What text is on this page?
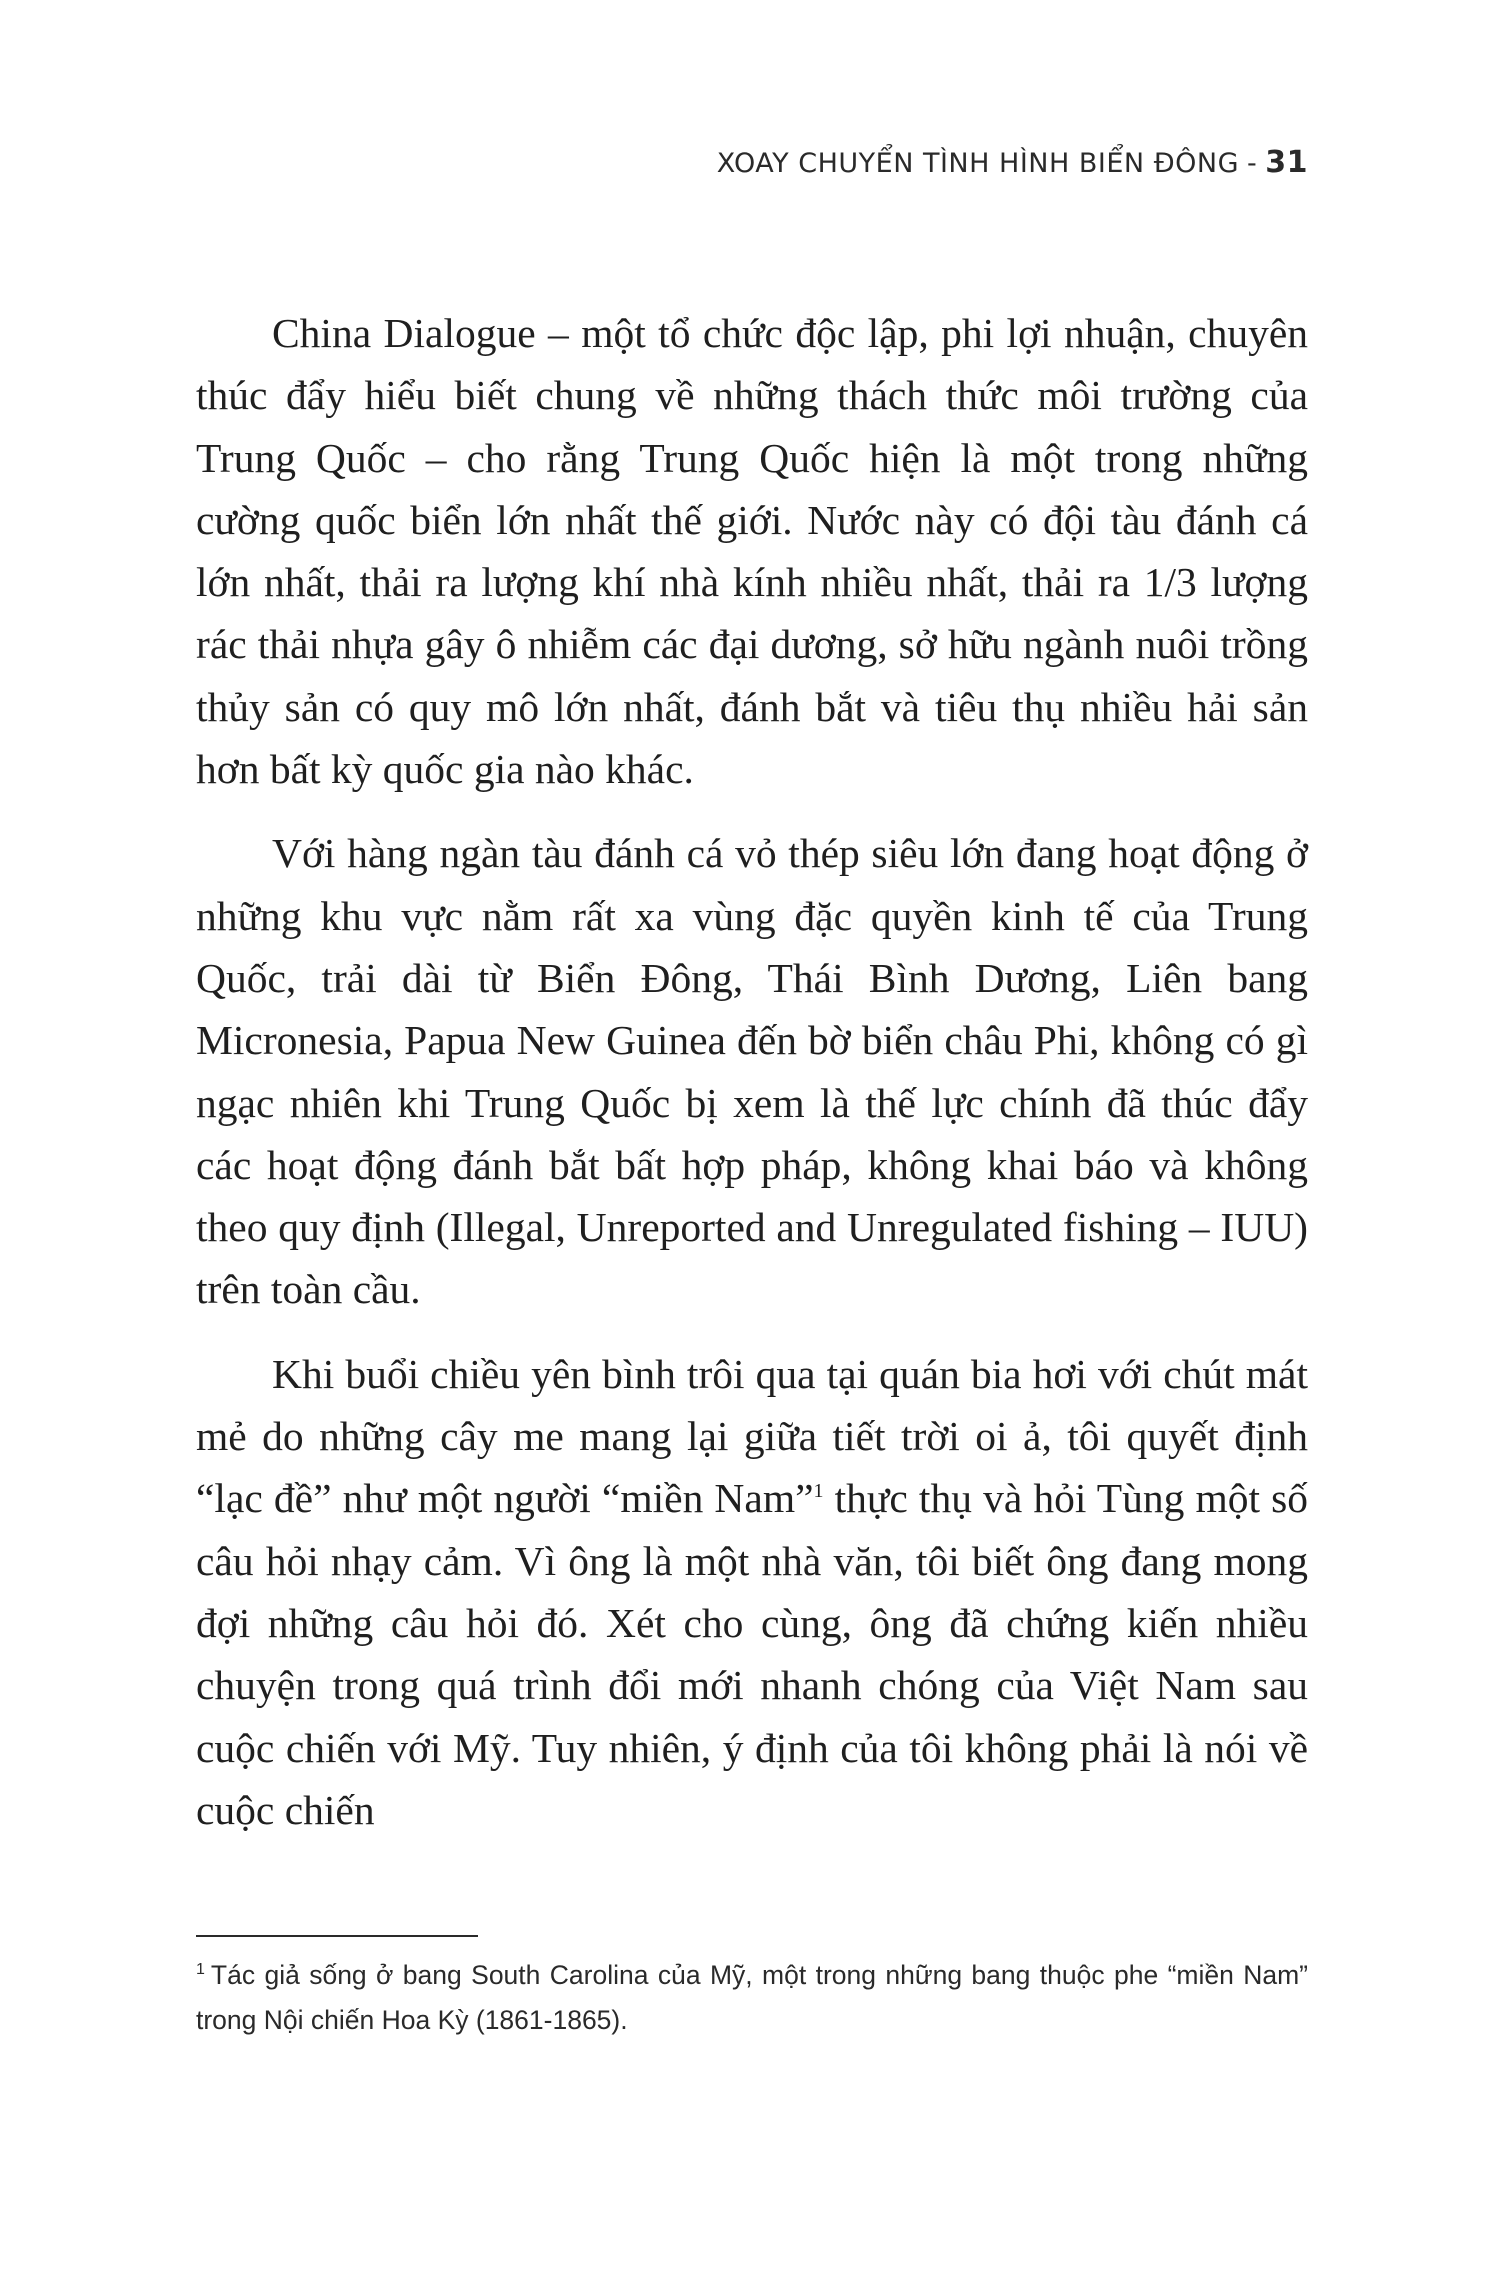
XOAY CHUYỂN TÌNH HÌNH BIỂN ĐÔNG - 31

China Dialogue – một tổ chức độc lập, phi lợi nhuận, chuyên thúc đẩy hiểu biết chung về những thách thức môi trường của Trung Quốc – cho rằng Trung Quốc hiện là một trong những cường quốc biển lớn nhất thế giới. Nước này có đội tàu đánh cá lớn nhất, thải ra lượng khí nhà kính nhiều nhất, thải ra 1/3 lượng rác thải nhựa gây ô nhiễm các đại dương, sở hữu ngành nuôi trồng thủy sản có quy mô lớn nhất, đánh bắt và tiêu thụ nhiều hải sản hơn bất kỳ quốc gia nào khác.

Với hàng ngàn tàu đánh cá vỏ thép siêu lớn đang hoạt động ở những khu vực nằm rất xa vùng đặc quyền kinh tế của Trung Quốc, trải dài từ Biển Đông, Thái Bình Dương, Liên bang Micronesia, Papua New Guinea đến bờ biển châu Phi, không có gì ngạc nhiên khi Trung Quốc bị xem là thế lực chính đã thúc đẩy các hoạt động đánh bắt bất hợp pháp, không khai báo và không theo quy định (Illegal, Unreported and Unregulated fishing – IUU) trên toàn cầu.

Khi buổi chiều yên bình trôi qua tại quán bia hơi với chút mát mẻ do những cây me mang lại giữa tiết trời oi ả, tôi quyết định “lạc đề” như một người “miền Nam”$^1$ thực thụ và hỏi Tùng một số câu hỏi nhạy cảm. Vì ông là một nhà văn, tôi biết ông đang mong đợi những câu hỏi đó. Xét cho cùng, ông đã chứng kiến nhiều chuyện trong quá trình đổi mới nhanh chóng của Việt Nam sau cuộc chiến với Mỹ. Tuy nhiên, ý định của tôi không phải là nói về cuộc chiến

$^1$ Tác giả sống ở bang South Carolina của Mỹ, một trong những bang thuộc phe “miền Nam” trong Nội chiến Hoa Kỳ (1861-1865).
